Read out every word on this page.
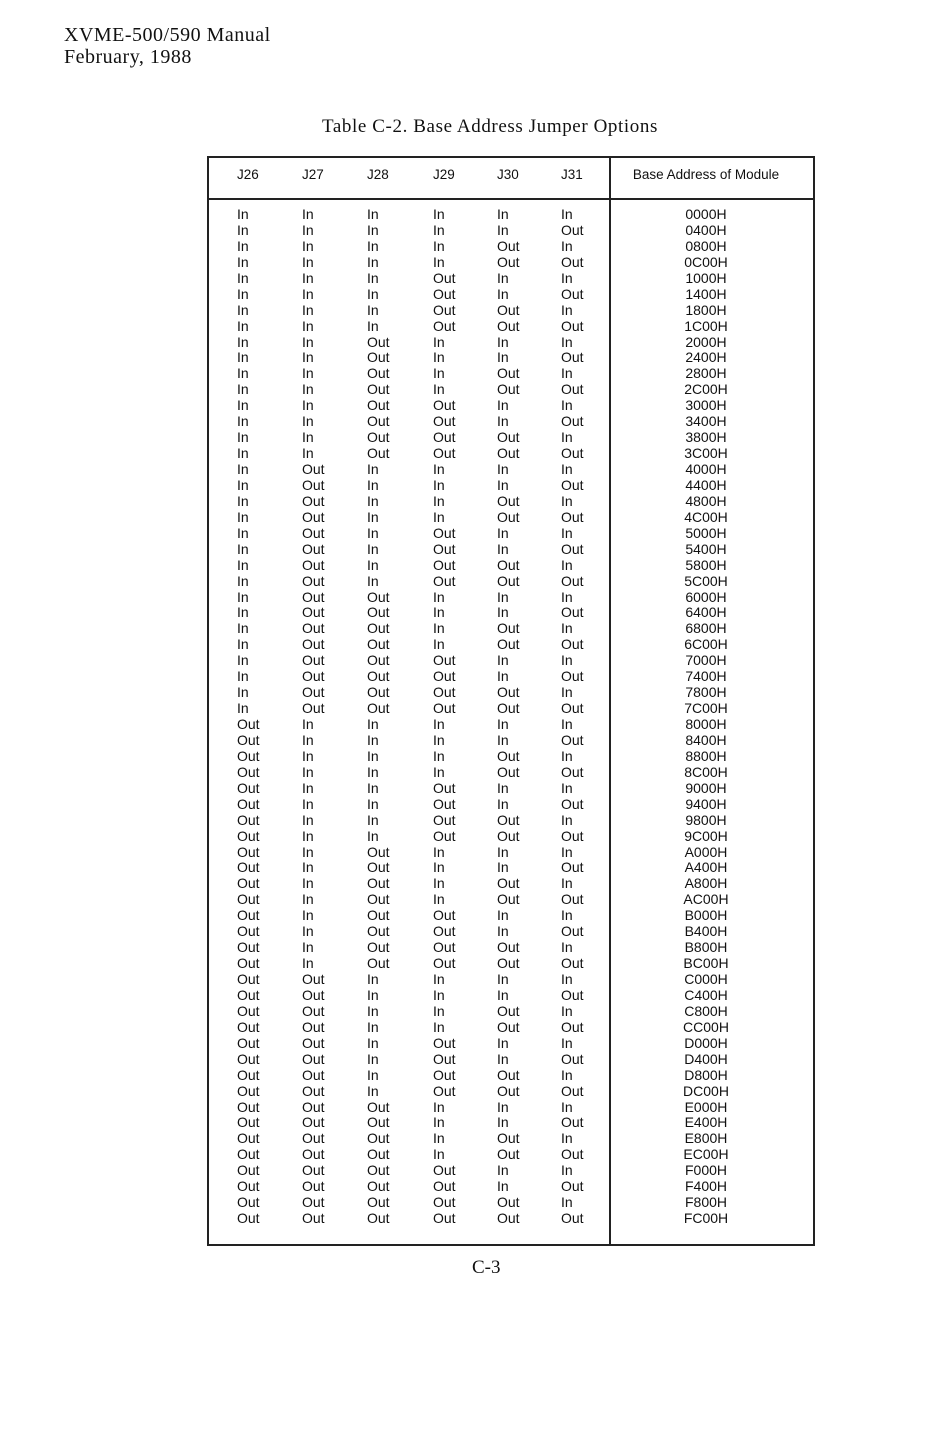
XVME-500/590 Manual
February, 1988
Table C-2. Base Address Jumper Options
J26	J27	J28	J29	J30	J31	Base Address of Module
In	In	In	In	In	In	0000H
In	In	In	In	In	Out	0400H
In	In	In	In	Out	In	0800H
In	In	In	In	Out	Out	0C00H
In	In	In	Out	In	In	1000H
In	In	In	Out	In	Out	1400H
In	In	In	Out	Out	In	1800H
In	In	In	Out	Out	Out	1C00H
In	In	Out	In	In	In	2000H
In	In	Out	In	In	Out	2400H
In	In	Out	In	Out	In	2800H
In	In	Out	In	Out	Out	2C00H
In	In	Out	Out	In	In	3000H
In	In	Out	Out	In	Out	3400H
In	In	Out	Out	Out	In	3800H
In	In	Out	Out	Out	Out	3C00H
In	Out	In	In	In	In	4000H
In	Out	In	In	In	Out	4400H
In	Out	In	In	Out	In	4800H
In	Out	In	In	Out	Out	4C00H
In	Out	In	Out	In	In	5000H
In	Out	In	Out	In	Out	5400H
In	Out	In	Out	Out	In	5800H
In	Out	In	Out	Out	Out	5C00H
In	Out	Out	In	In	In	6000H
In	Out	Out	In	In	Out	6400H
In	Out	Out	In	Out	In	6800H
In	Out	Out	In	Out	Out	6C00H
In	Out	Out	Out	In	In	7000H
In	Out	Out	Out	In	Out	7400H
In	Out	Out	Out	Out	In	7800H
In	Out	Out	Out	Out	Out	7C00H
Out	In	In	In	In	In	8000H
Out	In	In	In	In	Out	8400H
Out	In	In	In	Out	In	8800H
Out	In	In	In	Out	Out	8C00H
Out	In	In	Out	In	In	9000H
Out	In	In	Out	In	Out	9400H
Out	In	In	Out	Out	In	9800H
Out	In	In	Out	Out	Out	9C00H
Out	In	Out	In	In	In	A000H
Out	In	Out	In	In	Out	A400H
Out	In	Out	In	Out	In	A800H
Out	In	Out	In	Out	Out	AC00H
Out	In	Out	Out	In	In	B000H
Out	In	Out	Out	In	Out	B400H
Out	In	Out	Out	Out	In	B800H
Out	In	Out	Out	Out	Out	BC00H
Out	Out	In	In	In	In	C000H
Out	Out	In	In	In	Out	C400H
Out	Out	In	In	Out	In	C800H
Out	Out	In	In	Out	Out	CC00H
Out	Out	In	Out	In	In	D000H
Out	Out	In	Out	In	Out	D400H
Out	Out	In	Out	Out	In	D800H
Out	Out	In	Out	Out	Out	DC00H
Out	Out	Out	In	In	In	E000H
Out	Out	Out	In	In	Out	E400H
Out	Out	Out	In	Out	In	E800H
Out	Out	Out	In	Out	Out	EC00H
Out	Out	Out	Out	In	In	F000H
Out	Out	Out	Out	In	Out	F400H
Out	Out	Out	Out	Out	In	F800H
Out	Out	Out	Out	Out	Out	FC00H
C-3
